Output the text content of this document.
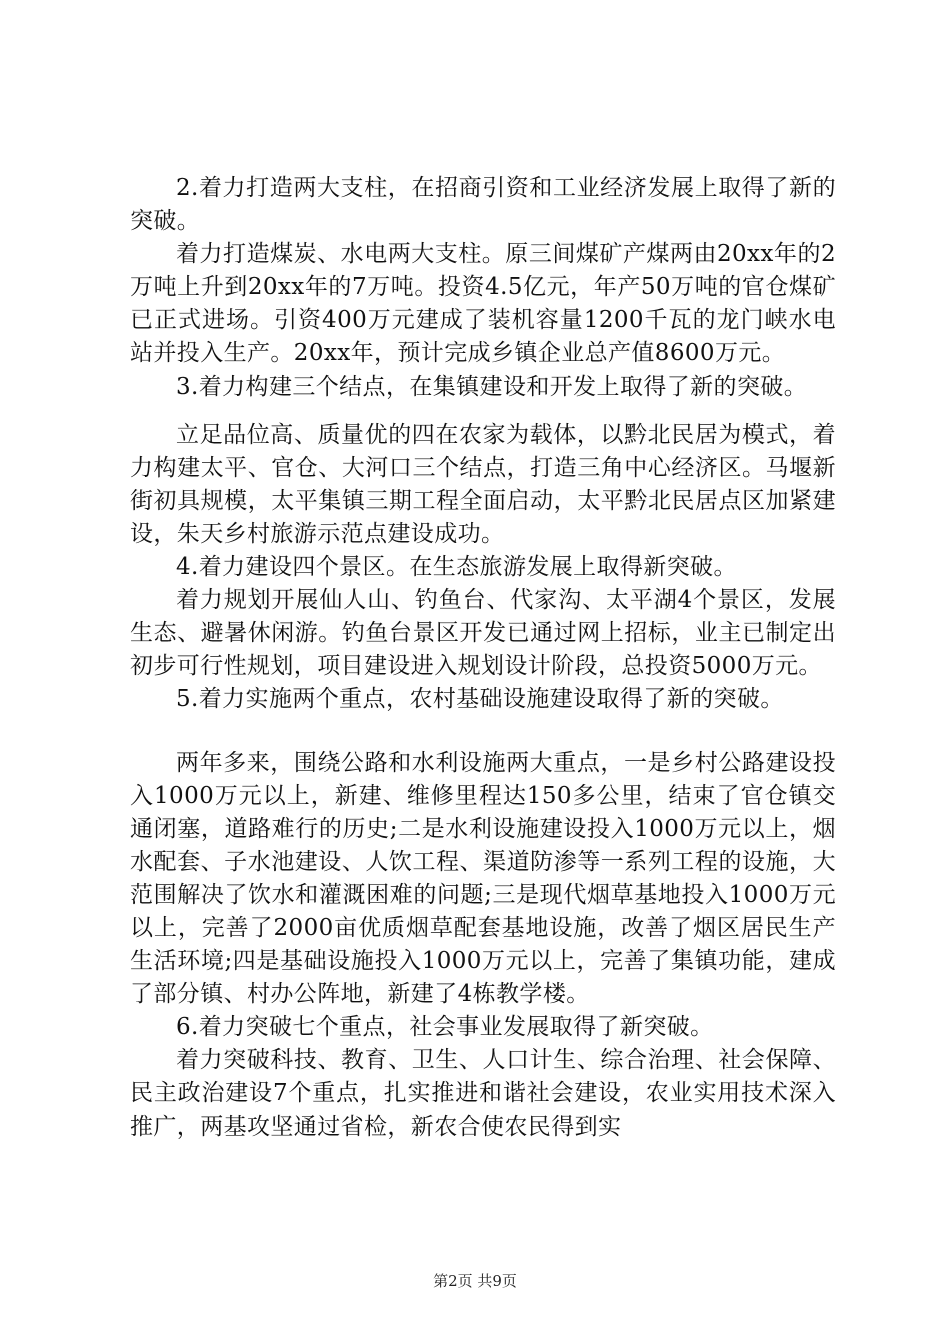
2.着力打造两大支柱，在招商引资和工业经济发展上取得了新的突破。

着力打造煤炭、水电两大支柱。原三间煤矿产煤两由20xx年的2万吨上升到20xx年的7万吨。投资4.5亿元，年产50万吨的官仓煤矿已正式进场。引资400万元建成了装机容量1200千瓦的龙门峡水电站并投入生产。20xx年，预计完成乡镇企业总产值8600万元。

3.着力构建三个结点，在集镇建设和开发上取得了新的突破。

立足品位高、质量优的四在农家为载体，以黔北民居为模式，着力构建太平、官仓、大河口三个结点，打造三角中心经济区。马堰新街初具规模，太平集镇三期工程全面启动，太平黔北民居点区加紧建设，朱天乡村旅游示范点建设成功。

4.着力建设四个景区。在生态旅游发展上取得新突破。

着力规划开展仙人山、钓鱼台、代家沟、太平湖4个景区，发展生态、避暑休闲游。钓鱼台景区开发已通过网上招标，业主已制定出初步可行性规划，项目建设进入规划设计阶段，总投资5000万元。

5.着力实施两个重点，农村基础设施建设取得了新的突破。

两年多来，围绕公路和水利设施两大重点，一是乡村公路建设投入1000万元以上，新建、维修里程达150多公里，结束了官仓镇交通闭塞，道路难行的历史;二是水利设施建设投入1000万元以上，烟水配套、子水池建设、人饮工程、渠道防渗等一系列工程的设施，大范围解决了饮水和灌溉困难的问题;三是现代烟草基地投入1000万元以上，完善了2000亩优质烟草配套基地设施，改善了烟区居民生产生活环境;四是基础设施投入1000万元以上，完善了集镇功能，建成了部分镇、村办公阵地，新建了4栋教学楼。

6.着力突破七个重点，社会事业发展取得了新突破。

着力突破科技、教育、卫生、人口计生、综合治理、社会保障、民主政治建设7个重点，扎实推进和谐社会建设，农业实用技术深入推广，两基攻坚通过省检，新农合使农民得到实

第2页 共9页
